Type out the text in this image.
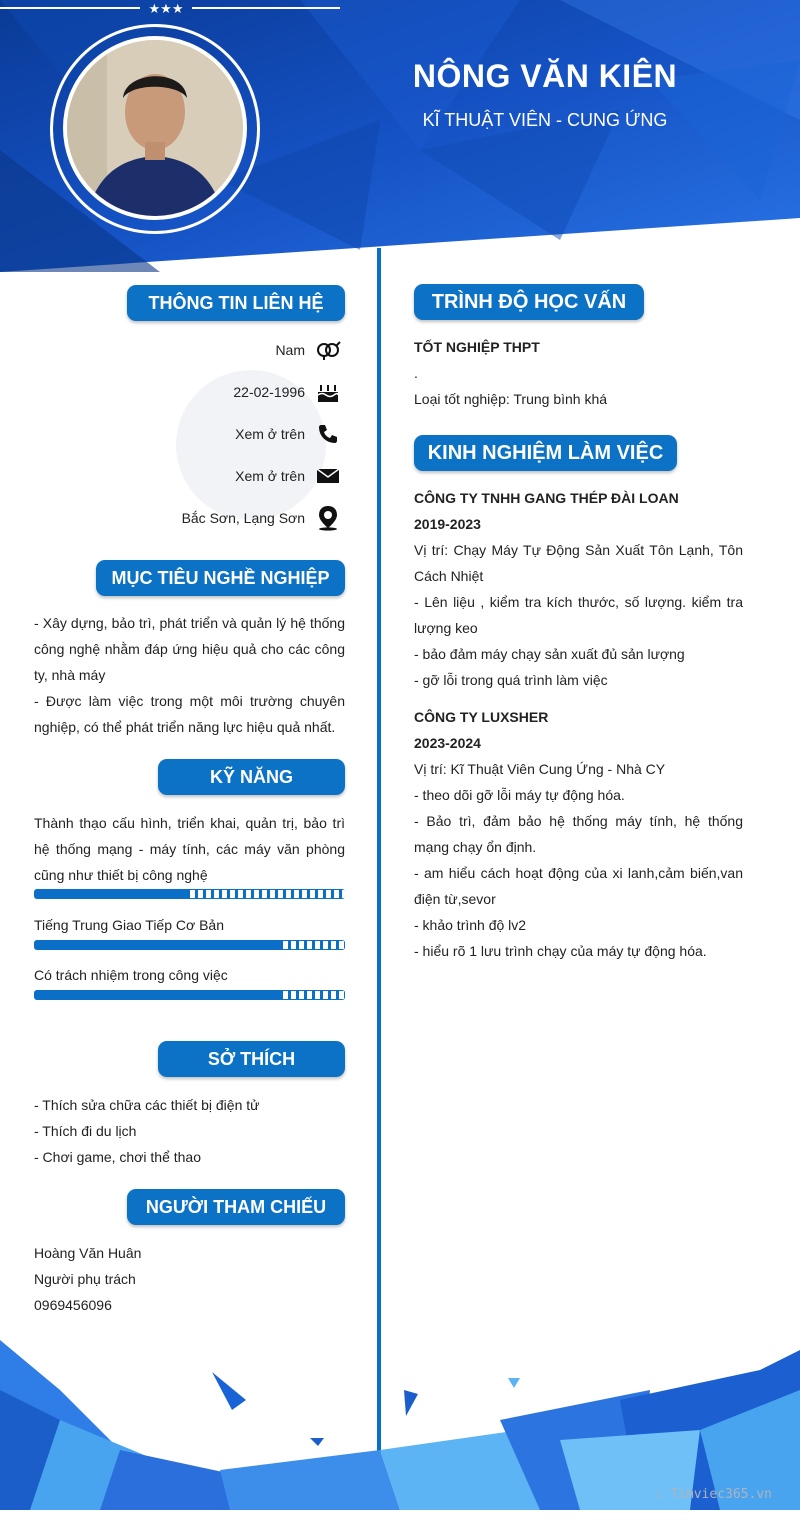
NÔNG VĂN KIÊN
KĨ THUẬT VIÊN - CUNG ỨNG
★★★
THÔNG TIN LIÊN HỆ
Nam
22-02-1996
Xem ở trên
Xem ở trên
Bắc Sơn, Lạng Sơn
MỤC TIÊU NGHỀ NGHIỆP
- Xây dựng, bảo trì, phát triển và quản lý hệ thống công nghệ nhằm đáp ứng hiệu quả cho các công ty, nhà máy
- Được làm việc trong một môi trường chuyên nghiệp, có thể phát triển năng lực hiệu quả nhất.
KỸ NĂNG
Thành thạo cấu hình, triển khai, quản trị, bảo trì hệ thống mạng - máy tính, các máy văn phòng cũng như thiết bị công nghệ
Tiếng Trung Giao Tiếp Cơ Bản
Có trách nhiệm trong công việc
SỞ THÍCH
- Thích sửa chữa các thiết bị điện tử
- Thích đi du lịch
- Chơi game, chơi thể thao
NGƯỜI THAM CHIẾU
Hoàng Văn Huân
Người phụ trách
0969456096
TRÌNH ĐỘ HỌC VẤN
TỐT NGHIỆP THPT
.
Loại tốt nghiệp: Trung bình khá
KINH NGHIỆM LÀM VIỆC
CÔNG TY TNHH GANG THÉP ĐÀI LOAN
2019-2023
Vị trí: Chạy Máy Tự Động Sản Xuất Tôn Lạnh, Tôn Cách Nhiệt
- Lên liệu , kiểm tra kích thước, số lượng. kiểm tra lượng keo
- bảo đảm máy chạy sản xuất đủ sản lượng
- gỡ lỗi trong quá trình làm việc
CÔNG TY LUXSHER
2023-2024
Vị trí: Kĩ Thuật Viên Cung Ứng - Nhà CY
- theo dõi gỡ lỗi máy tự động hóa.
- Bảo trì, đảm bảo hệ thống máy tính, hệ thống mạng chạy ổn định.
- am hiểu cách hoạt động của xi lanh,cảm biến,van điện từ,sevor
- khảo trình độ lv2
- hiểu rõ 1 lưu trình chạy của máy tự động hóa.
∴ Timviec365.vn
